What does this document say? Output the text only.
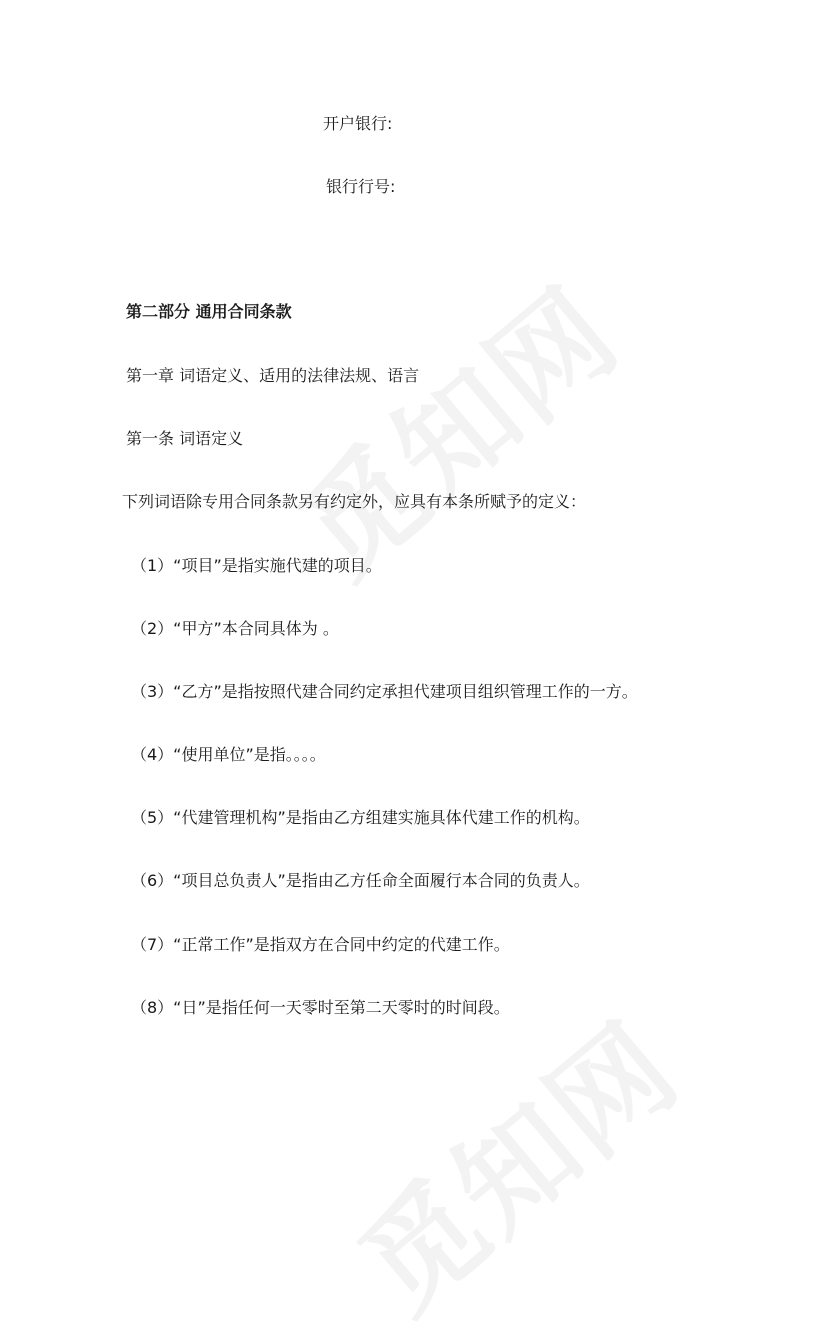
开户银行:
银行行号:
第二部分 通用合同条款
第一章 词语定义、适用的法律法规、语言
第一条 词语定义
下列词语除专用合同条款另有约定外，应具有本条所赋予的定义：
（1）“项目”是指实施代建的项目。
（2）“甲方”本合同具体为 。
（3）“乙方”是指按照代建合同约定承担代建项目组织管理工作的一方。
（4）“使用单位”是指。。。。
（5）“代建管理机构”是指由乙方组建实施具体代建工作的机构。
（6）“项目总负责人”是指由乙方任命全面履行本合同的负责人。
（7）“正常工作”是指双方在合同中约定的代建工作。
（8）“日”是指任何一天零时至第二天零时的时间段。
